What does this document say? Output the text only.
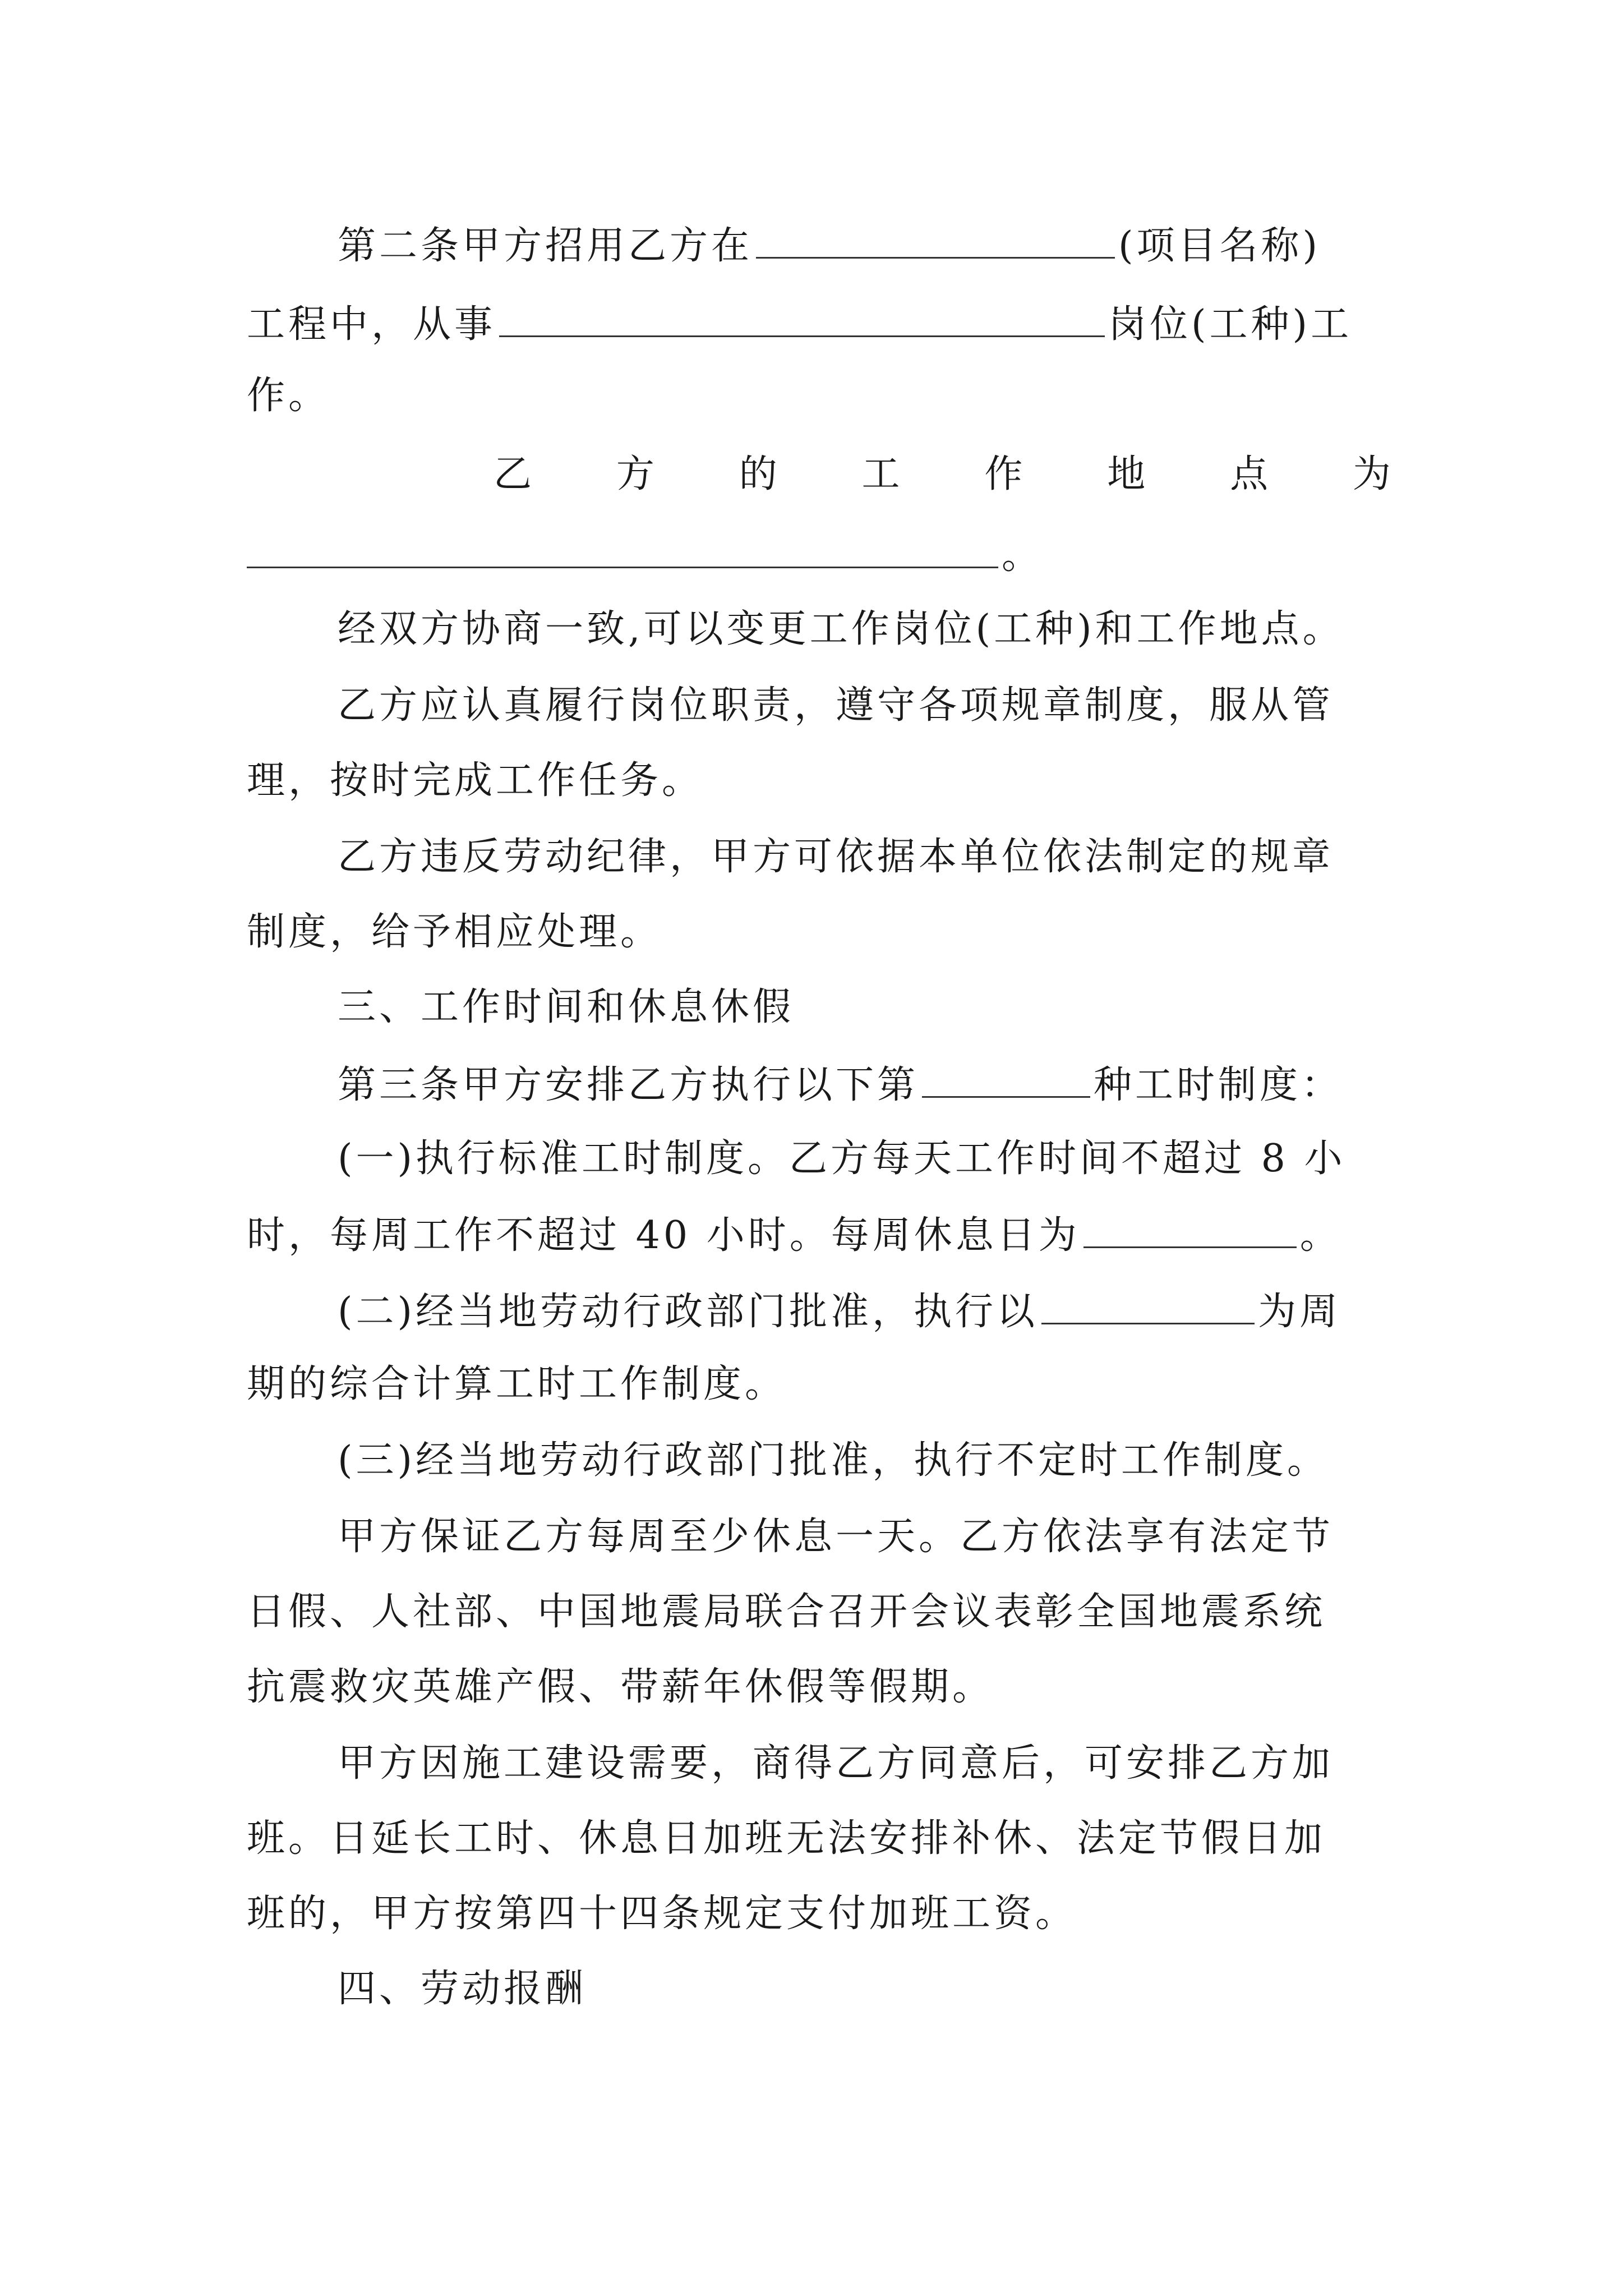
第二条甲方招用乙方在	(项目名称)
工程中，从事	岗位(工种)工
作。
乙 方 的 工 作 地 点 为
。
经双方协商一致,可以变更工作岗位(工种)和工作地点。
乙方应认真履行岗位职责，遵守各项规章制度，服从管
理，按时完成工作任务。
乙方违反劳动纪律，甲方可依据本单位依法制定的规章
制度，给予相应处理。
三、工作时间和休息休假
第三条甲方安排乙方执行以下第	种工时制度：
(一)执行标准工时制度。乙方每天工作时间不超过 8 小
时，每周工作不超过 40 小时。每周休息日为	。
(二)经当地劳动行政部门批准，执行以	为周
期的综合计算工时工作制度。
(三)经当地劳动行政部门批准，执行不定时工作制度。
甲方保证乙方每周至少休息一天。乙方依法享有法定节
日假、人社部、中国地震局联合召开会议表彰全国地震系统
抗震救灾英雄产假、带薪年休假等假期。
甲方因施工建设需要，商得乙方同意后，可安排乙方加
班。日延长工时、休息日加班无法安排补休、法定节假日加
班的，甲方按第四十四条规定支付加班工资。
四、劳动报酬
